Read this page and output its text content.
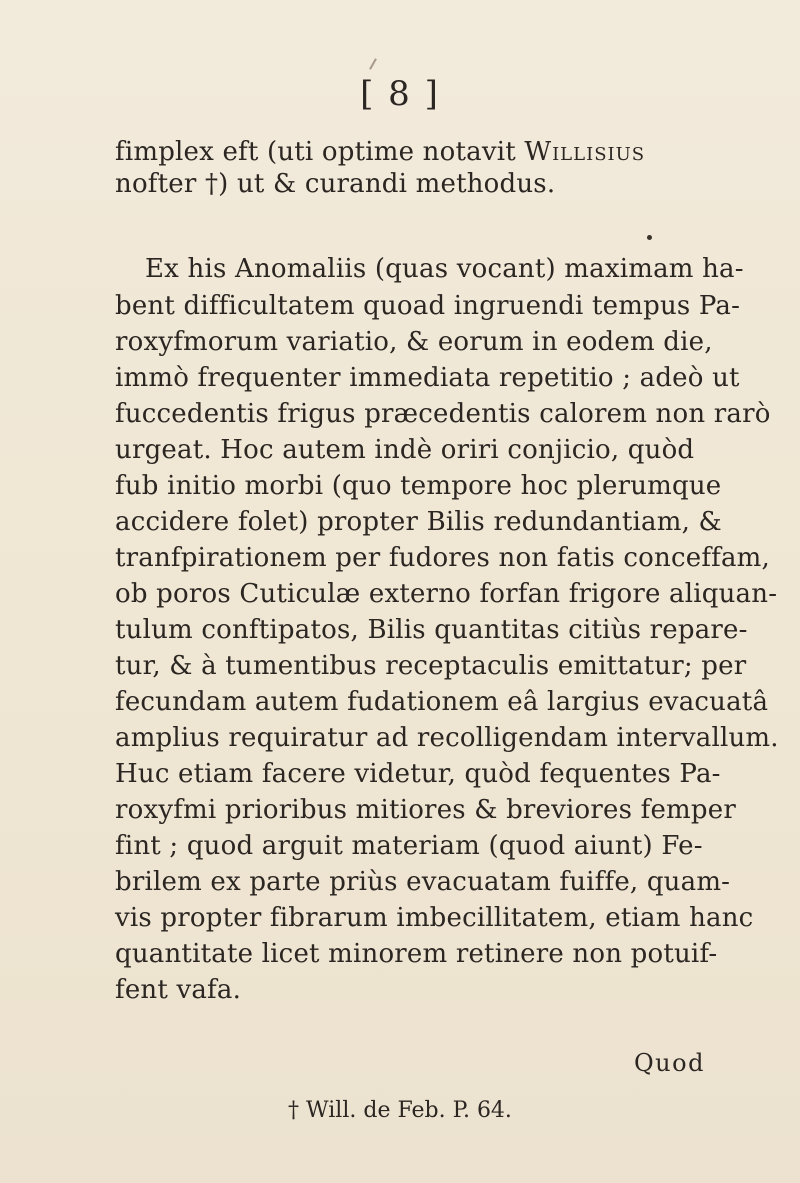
[ 8 ]
fimplex eft (uti optime notavit Willisius
nofter †) ut & curandi methodus.
Ex his Anomaliis (quas vocant) maximam ha-
bent difficultatem quoad ingruendi tempus Pa-
roxyfmorum variatio, & eorum in eodem die,
immò frequenter immediata repetitio ; adeò ut
fuccedentis frigus præcedentis calorem non rarò
urgeat. Hoc autem indè oriri conjicio, quòd
fub initio morbi (quo tempore hoc plerumque
accidere folet) propter Bilis redundantiam, &
tranfpirationem per fudores non fatis conceffam,
ob poros Cuticulæ externo forfan frigore aliquan-
tulum conftipatos, Bilis quantitas citiùs repare-
tur, & à tumentibus receptaculis emittatur; per
fecundam autem fudationem eâ largius evacuatâ
amplius requiratur ad recolligendam intervallum.
Huc etiam facere videtur, quòd fequentes Pa-
roxyfmi prioribus mitiores & breviores femper
fint ; quod arguit materiam (quod aiunt) Fe-
brilem ex parte priùs evacuatam fuiffe, quam-
vis propter fibrarum imbecillitatem, etiam hanc
quantitate licet minorem retinere non potuif-
fent vafa.
Quod
† Will. de Feb. P. 64.
